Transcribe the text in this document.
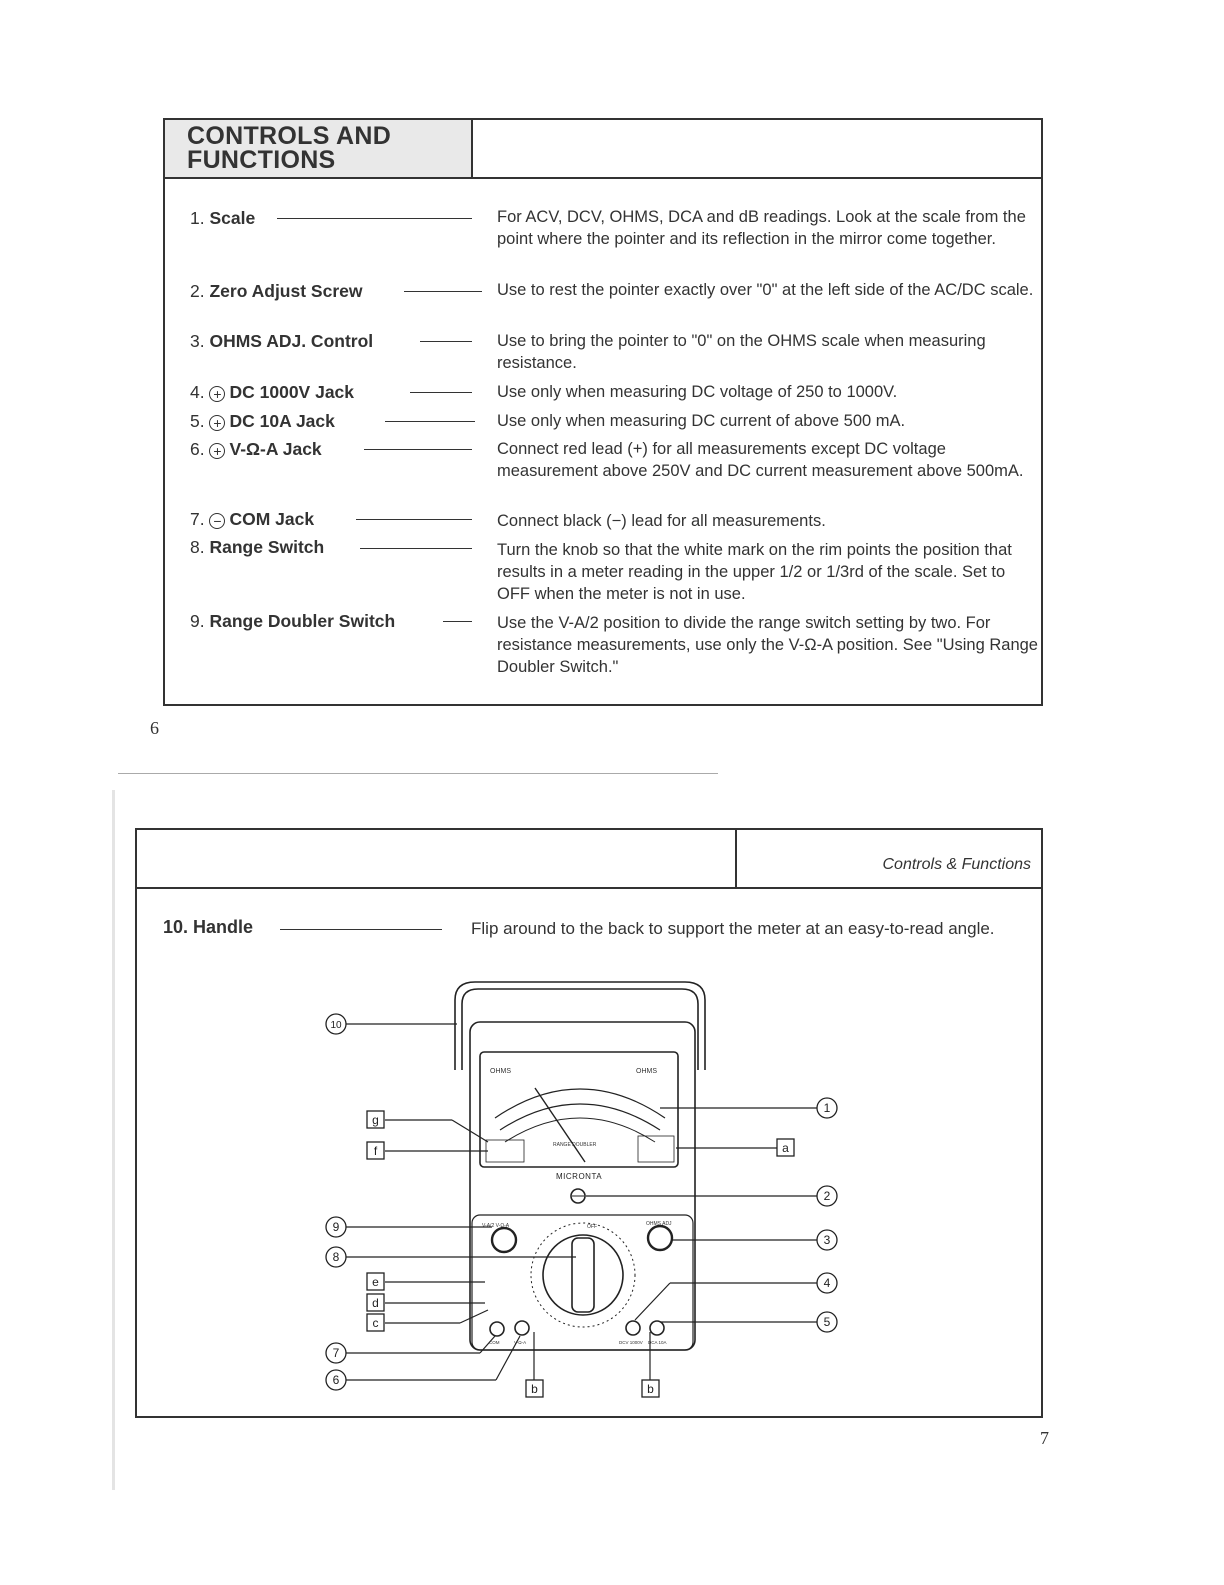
CONTROLS AND
FUNCTIONS
1. Scale	For ACV, DCV, OHMS, DCA and dB readings. Look at the scale from the point where the pointer and its reflection in the mirror come together.
2. Zero Adjust Screw	Use to rest the pointer exactly over "0" at the left side of the AC/DC scale.
3. OHMS ADJ. Control	Use to bring the pointer to "0" on the OHMS scale when measuring resistance.
4. + DC 1000V Jack	Use only when measuring DC voltage of 250 to 1000V.
5. + DC 10A Jack	Use only when measuring DC current of above 500 mA.
6. + V-Ω-A Jack	Connect red lead (+) for all measurements except DC voltage measurement above 250V and DC current measurement above 500mA.
7. − COM Jack	Connect black (−) lead for all measurements.
8. Range Switch	Turn the knob so that the white mark on the rim points the position that results in a meter reading in the upper 1/2 or 1/3rd of the scale. Set to OFF when the meter is not in use.
9. Range Doubler Switch	Use the V-A/2 position to divide the range switch setting by two. For resistance measurements, use only the V-Ω-A position. See "Using Range Doubler Switch."
6
Controls & Functions
10. Handle	Flip around to the back to support the meter at an easy-to-read angle.
OHMS	OHMS
RANGE DOUBLER
MICRONTA
V-A/2 V-Ω-A	OHMS ADJ
OFF
COM	V-Ω-A	DCV 1000V DCA 10A
10
1
2
3
4
5
9
8
7
6
g
f	a
e
d
c
b	b
7
